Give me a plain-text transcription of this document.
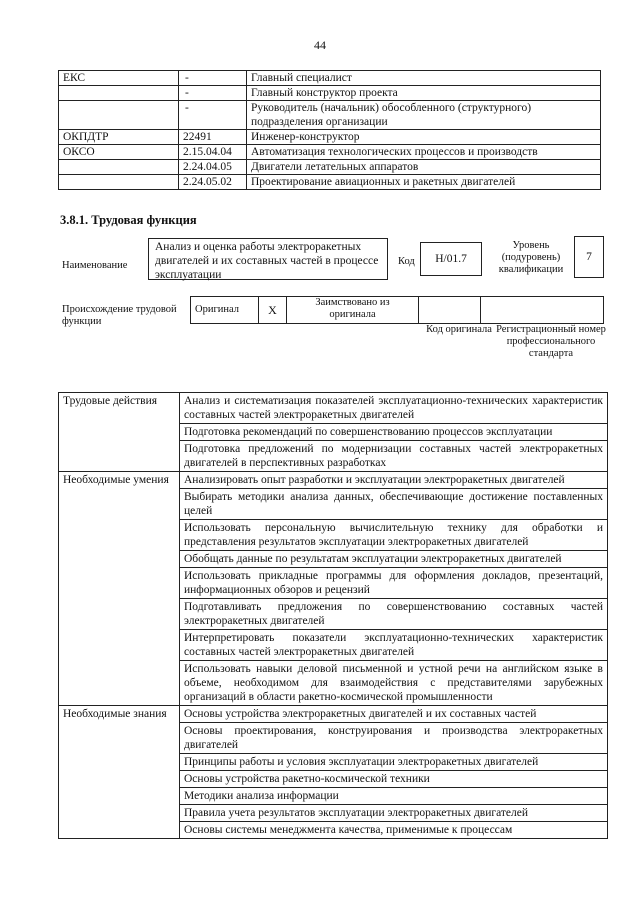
44
ЕКС	-	Главный специалист
	-	Главный конструктор проекта
	-	Руководитель (начальник) обособленного (структурного) подразделения организации
ОКПДТР	22491	Инженер-конструктор
ОКСО	2.15.04.04	Автоматизация технологических процессов и производств
	2.24.04.05	Двигатели летательных аппаратов
	2.24.05.02	Проектирование авиационных и ракетных двигателей
3.8.1. Трудовая функция
Наименование
Анализ и оценка работы электроракетных двигателей и их составных частей в процессе эксплуатации
Код	Н/01.7
Уровень (подуровень) квалификации
7
Происхождение трудовой функции
Оригинал	Х	Заимствовано из оригинала		
Код оригинала Регистрационный номер профессионального стандарта
Трудовые действия	Анализ и систематизация показателей эксплуатационно-технических характеристик составных частей электроракетных двигателей
	Подготовка рекомендаций по совершенствованию процессов эксплуатации
	Подготовка предложений по модернизации составных частей электроракетных двигателей в перспективных разработках
Необходимые умения	Анализировать опыт разработки и эксплуатации электроракетных двигателей
	Выбирать методики анализа данных, обеспечивающие достижение поставленных целей
	Использовать персональную вычислительную технику для обработки и представления результатов эксплуатации электроракетных двигателей
	Обобщать данные по результатам эксплуатации электроракетных двигателей
	Использовать прикладные программы для оформления докладов, презентаций, информационных обзоров и рецензий
	Подготавливать предложения по совершенствованию составных частей электроракетных двигателей
	Интерпретировать показатели эксплуатационно-технических характеристик составных частей электроракетных двигателей
	Использовать навыки деловой письменной и устной речи на английском языке в объеме, необходимом для взаимодействия с представителями зарубежных организаций в области ракетно-космической промышленности
Необходимые знания	Основы устройства электроракетных двигателей и их составных частей
	Основы проектирования, конструирования и производства электроракетных двигателей
	Принципы работы и условия эксплуатации электроракетных двигателей
	Основы устройства ракетно-космической техники
	Методики анализа информации
	Правила учета результатов эксплуатации электроракетных двигателей
	Основы системы менеджмента качества, применимые к процессам
